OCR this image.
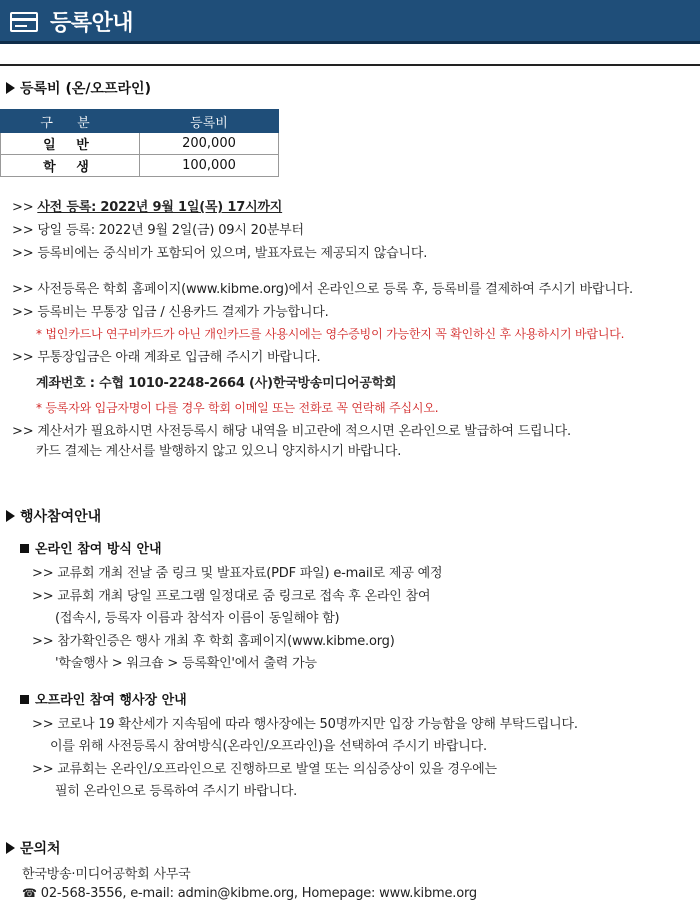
등록안내
등록비 (온/오프라인)
구 분	등록비
일 반	200,000
학 생	100,000
>> 사전 등록: 2022년 9월 1일(목) 17시까지
>> 당일 등록: 2022년 9월 2일(금) 09시 20분부터
>> 등록비에는 중식비가 포함되어 있으며, 발표자료는 제공되지 않습니다.
>> 사전등록은 학회 홈페이지(www.kibme.org)에서 온라인으로 등록 후, 등록비를 결제하여 주시기 바랍니다.
>> 등록비는 무통장 입금 / 신용카드 결제가 가능합니다.
* 법인카드나 연구비카드가 아닌 개인카드를 사용시에는 영수증빙이 가능한지 꼭 확인하신 후 사용하시기 바랍니다.
>> 무통장입금은 아래 계좌로 입금해 주시기 바랍니다.
계좌번호 : 수협 1010-2248-2664 (사)한국방송미디어공학회
* 등록자와 입금자명이 다를 경우 학회 이메일 또는 전화로 꼭 연락해 주십시오.
>> 계산서가 필요하시면 사전등록시 해당 내역을 비고란에 적으시면 온라인으로 발급하여 드립니다.
카드 결제는 계산서를 발행하지 않고 있으니 양지하시기 바랍니다.
행사참여안내
온라인 참여 방식 안내
>> 교류회 개최 전날 줌 링크 및 발표자료(PDF 파일) e-mail로 제공 예정
>> 교류회 개최 당일 프로그램 일정대로 줌 링크로 접속 후 온라인 참여
(접속시, 등록자 이름과 참석자 이름이 동일해야 함)
>> 참가확인증은 행사 개최 후 학회 홈페이지(www.kibme.org)
'학술행사 > 워크숍 > 등록확인'에서 출력 가능
오프라인 참여 행사장 안내
>> 코로나 19 확산세가 지속됨에 따라 행사장에는 50명까지만 입장 가능함을 양해 부탁드립니다.
이를 위해 사전등록시 참여방식(온라인/오프라인)을 선택하여 주시기 바랍니다.
>> 교류회는 온라인/오프라인으로 진행하므로 발열 또는 의심증상이 있을 경우에는
필히 온라인으로 등록하여 주시기 바랍니다.
문의처
한국방송·미디어공학회 사무국
☎ 02-568-3556, e-mail: admin@kibme.org, Homepage: www.kibme.org
